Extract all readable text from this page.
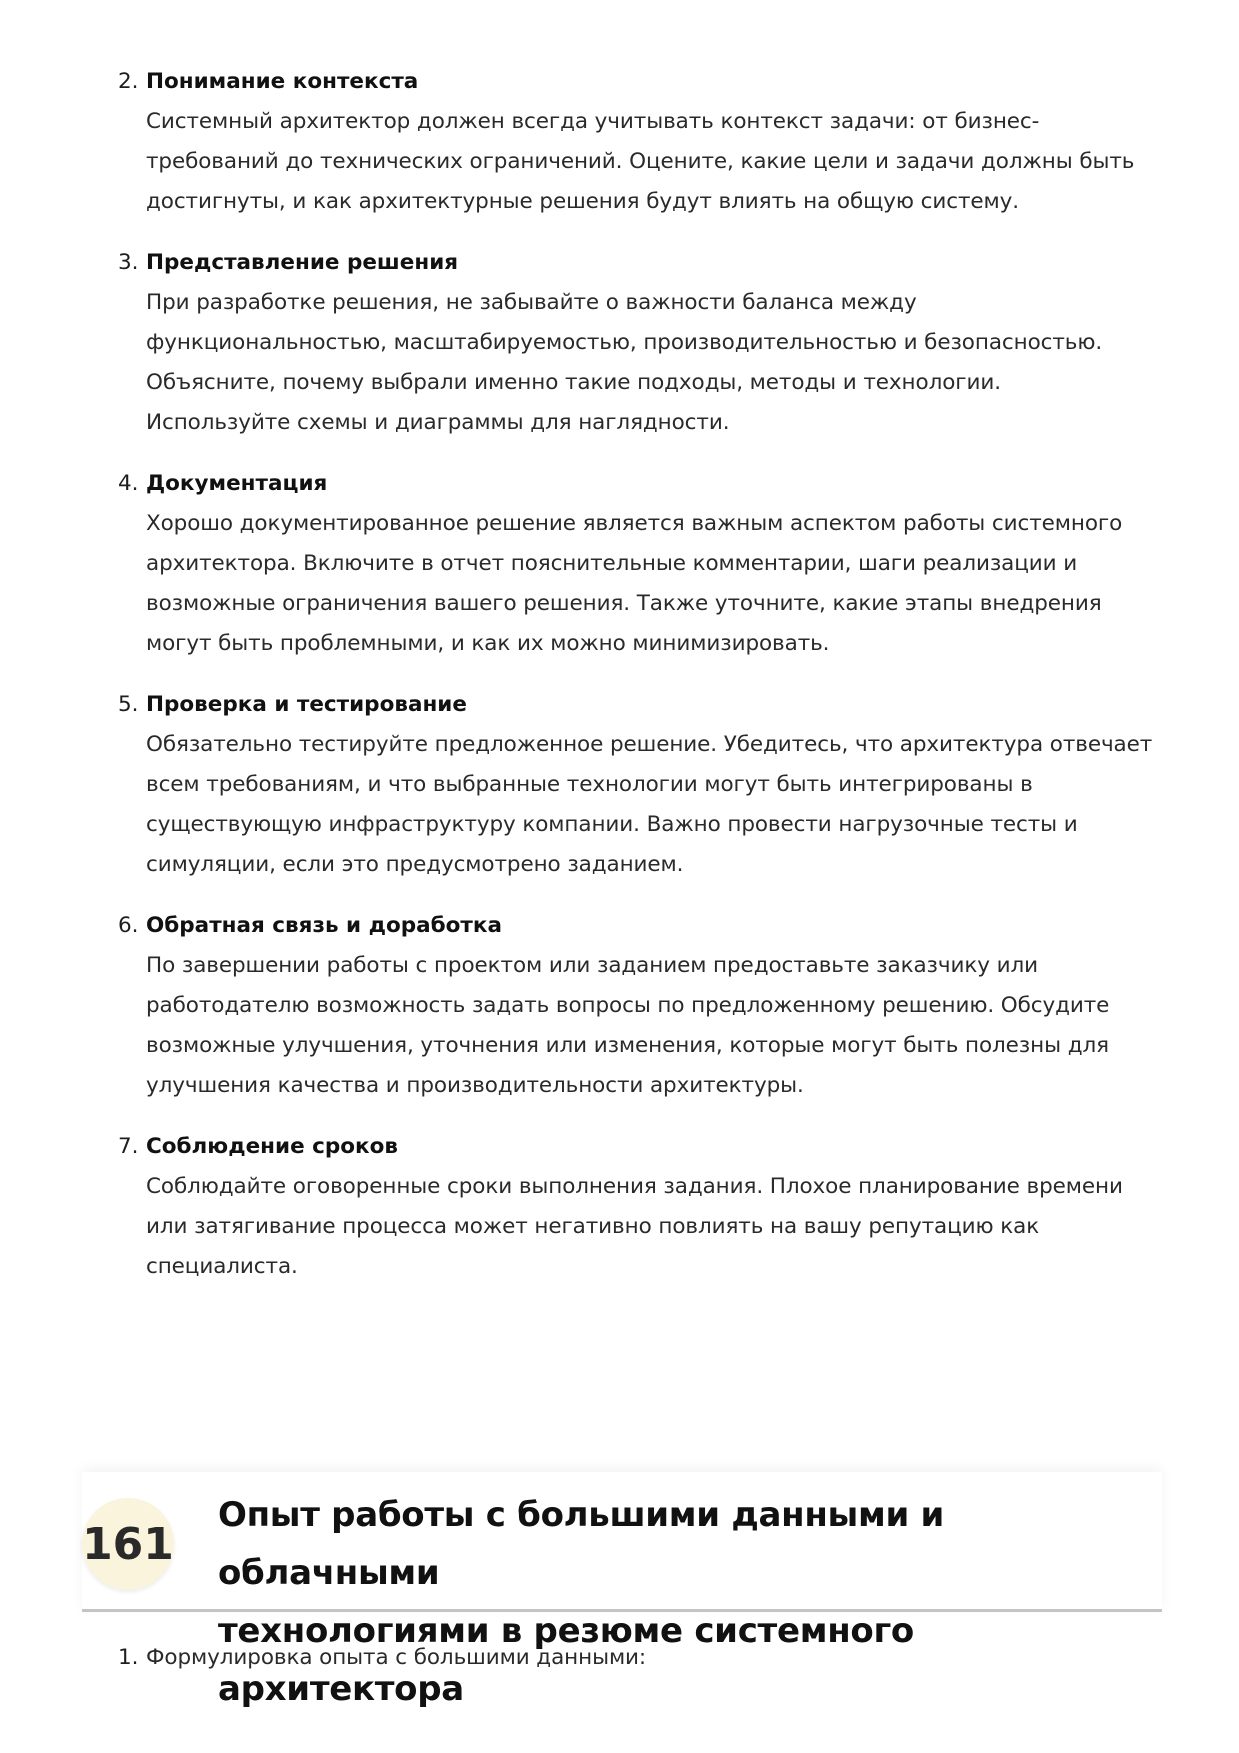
2. Понимание контекста
Системный архитектор должен всегда учитывать контекст задачи: от бизнес-
требований до технических ограничений. Оцените, какие цели и задачи должны быть
достигнуты, и как архитектурные решения будут влиять на общую систему.
3. Представление решения
При разработке решения, не забывайте о важности баланса между
функциональностью, масштабируемостью, производительностью и безопасностью.
Объясните, почему выбрали именно такие подходы, методы и технологии.
Используйте схемы и диаграммы для наглядности.
4. Документация
Хорошо документированное решение является важным аспектом работы системного
архитектора. Включите в отчет пояснительные комментарии, шаги реализации и
возможные ограничения вашего решения. Также уточните, какие этапы внедрения
могут быть проблемными, и как их можно минимизировать.
5. Проверка и тестирование
Обязательно тестируйте предложенное решение. Убедитесь, что архитектура отвечает
всем требованиям, и что выбранные технологии могут быть интегрированы в
существующую инфраструктуру компании. Важно провести нагрузочные тесты и
симуляции, если это предусмотрено заданием.
6. Обратная связь и доработка
По завершении работы с проектом или заданием предоставьте заказчику или
работодателю возможность задать вопросы по предложенному решению. Обсудите
возможные улучшения, уточнения или изменения, которые могут быть полезны для
улучшения качества и производительности архитектуры.
7. Соблюдение сроков
Соблюдайте оговоренные сроки выполнения задания. Плохое планирование времени
или затягивание процесса может негативно повлиять на вашу репутацию как
специалиста.
161
Опыт работы с большими данными и облачными
технологиями в резюме системного архитектора
1. Формулировка опыта с большими данными:
